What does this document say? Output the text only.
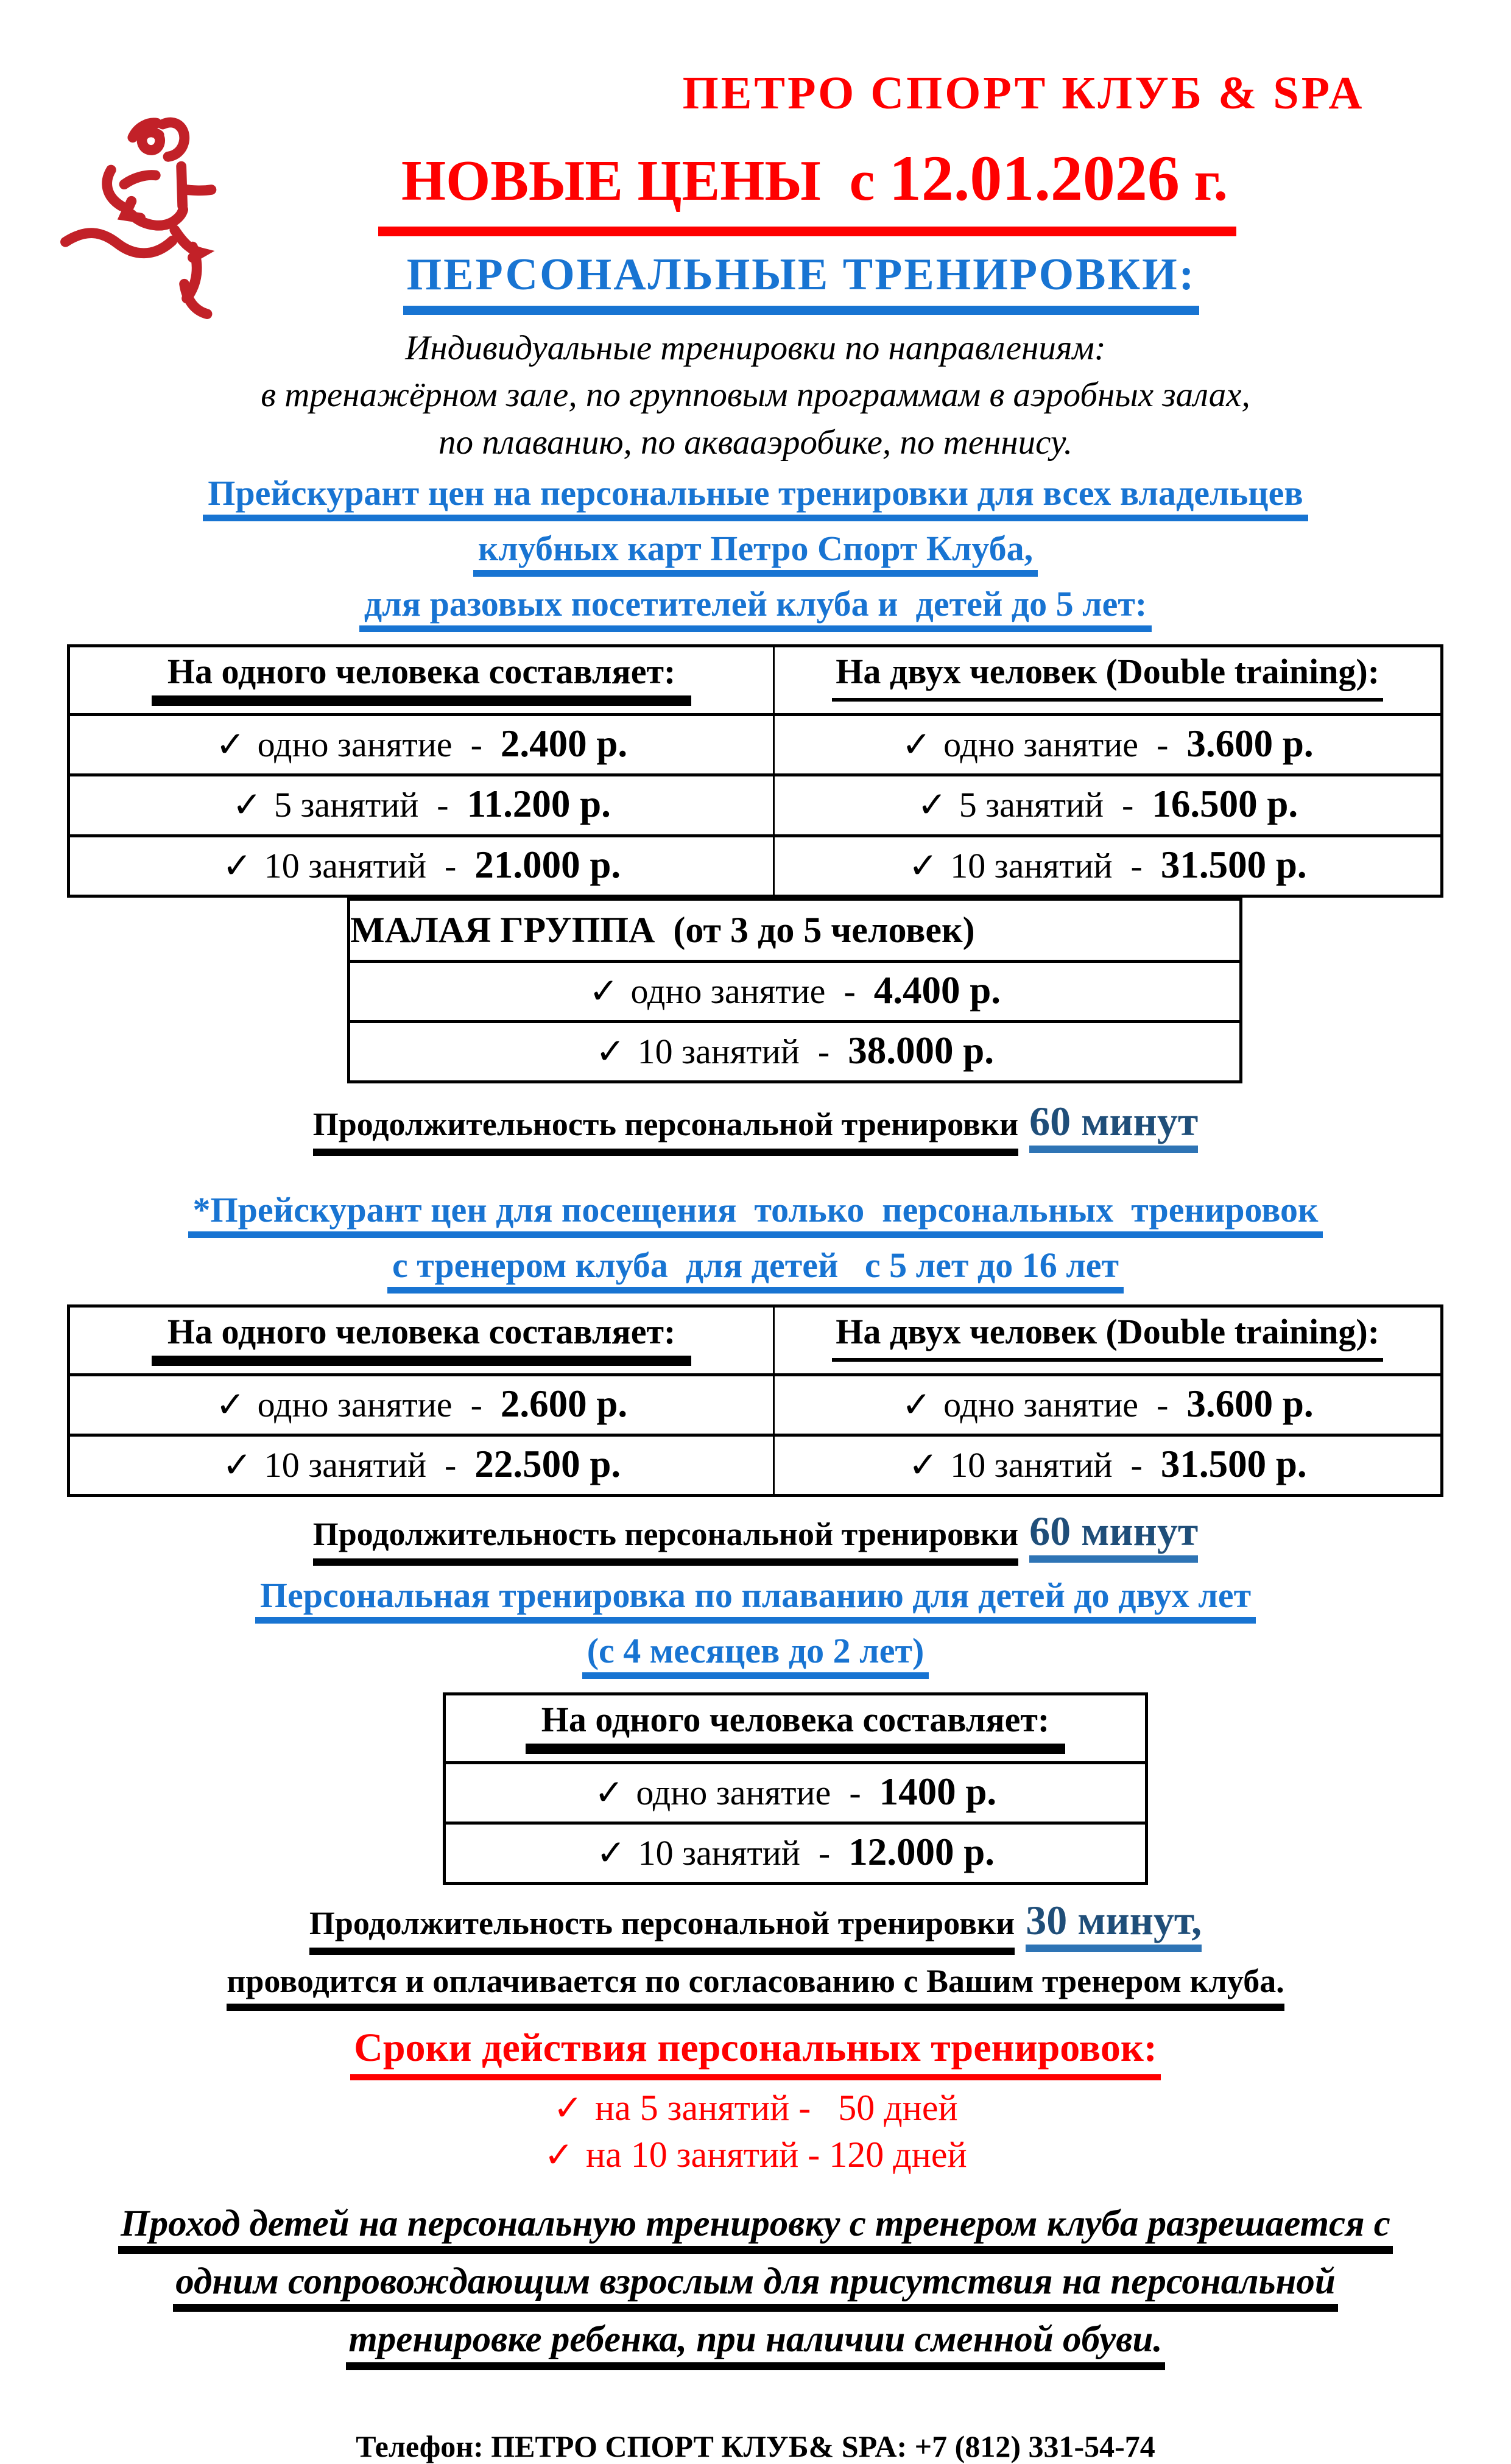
ПЕТРО СПОРТ КЛУБ & SPA

НОВЫЕ ЦЕНЫ  с 12.01.2026 г.

ПЕРСОНАЛЬНЫЕ ТРЕНИРОВКИ:
Индивидуальные тренировки по направлениям:
в тренажёрном зале, по групповым программам в аэробных залах,
по плаванию, по аквааэробике, по теннису.
Прейскурант цен на персональные тренировки для всех владельцев
клубных карт Петро Спорт Клуба,
для разовых посетителей клуба и  детей до 5 лет:
На одного человека составляет:	На двух человек (Double training):
✓ одно занятие - 2.400 р.	✓ одно занятие - 3.600 р.
✓ 5 занятий - 11.200 р.	✓ 5 занятий - 16.500 р.
✓ 10 занятий - 21.000 р.	✓ 10 занятий - 31.500 р.
МАЛАЯ ГРУППА  (от 3 до 5 человек)
✓ одно занятие - 4.400 р.
✓ 10 занятий - 38.000 р.
Продолжительность персональной тренировки 60 минут
*Прейскурант цен для посещения  только  персональных  тренировок
с тренером клуба  для детей   с 5 лет до 16 лет
На одного человека составляет:	На двух человек (Double training):
✓ одно занятие - 2.600 р.	✓ одно занятие - 3.600 р.
✓ 10 занятий - 22.500 р.	✓ 10 занятий - 31.500 р.
Продолжительность персональной тренировки 60 минут
Персональная тренировка по плаванию для детей до двух лет
(с 4 месяцев до 2 лет)
На одного человека составляет:
✓ одно занятие - 1400 р.
✓ 10 занятий - 12.000 р.
Продолжительность персональной тренировки 30 минут,
проводится и оплачивается по согласованию с Вашим тренером клуба.
Сроки действия персональных тренировок:
✓ на 5 занятий -   50 дней
✓ на 10 занятий - 120 дней
Проход детей на персональную тренировку с тренером клуба разрешается с
одним сопровождающим взрослым для присутствия на персональной
тренировке ребенка, при наличии сменной обуви.
Телефон: ПЕТРО СПОРТ КЛУБ& SPA: +7 (812) 331-54-74
